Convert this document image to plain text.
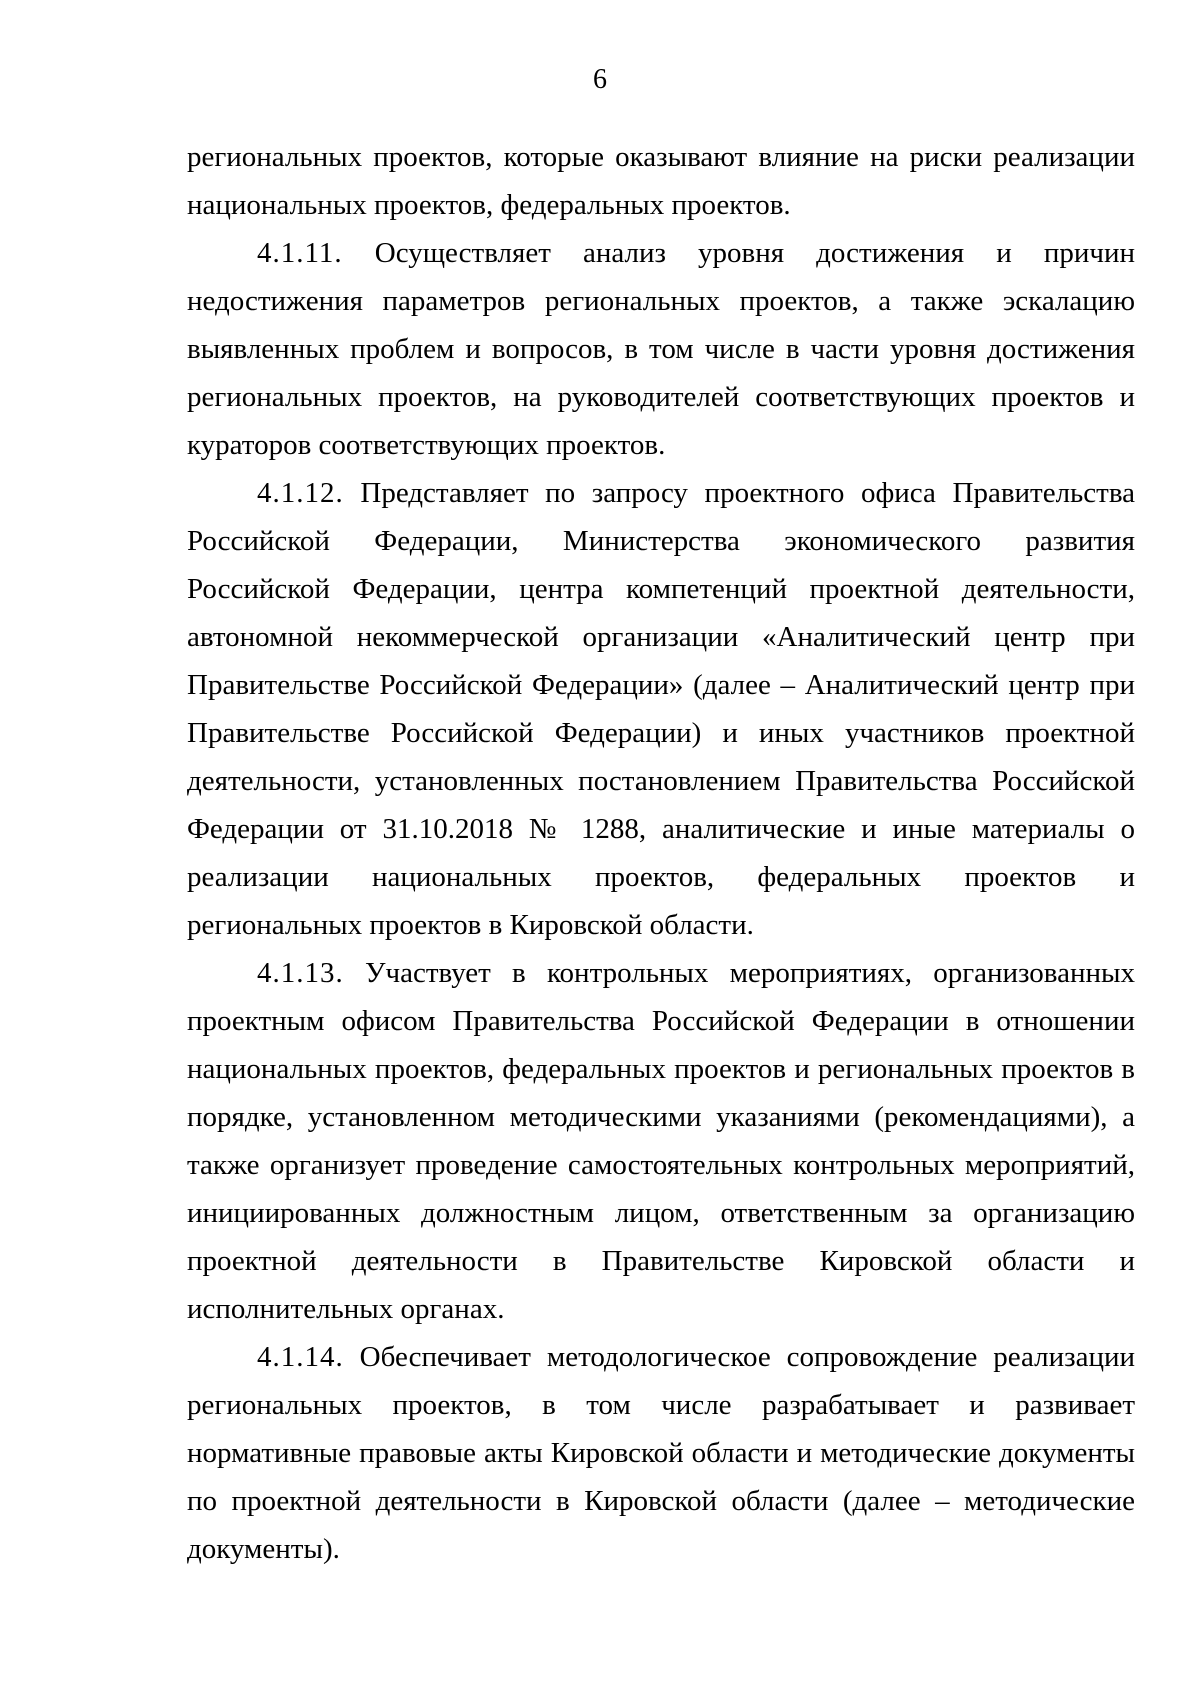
6

региональных проектов, которые оказывают влияние на риски реализации национальных проектов, федеральных проектов.

4.1.11. Осуществляет анализ уровня достижения и причин недостижения параметров региональных проектов, а также эскалацию выявленных проблем и вопросов, в том числе в части уровня достижения региональных проектов, на руководителей соответствующих проектов и кураторов соответствующих проектов.

4.1.12. Представляет по запросу проектного офиса Правительства Российской Федерации, Министерства экономического развития Российской Федерации, центра компетенций проектной деятельности, автономной некоммерческой организации «Аналитический центр при Правительстве Российской Федерации» (далее – Аналитический центр при Правительстве Российской Федерации) и иных участников проектной деятельности, установленных постановлением Правительства Российской Федерации от 31.10.2018 № 1288, аналитические и иные материалы о реализации национальных проектов, федеральных проектов и региональных проектов в Кировской области.

4.1.13. Участвует в контрольных мероприятиях, организованных проектным офисом Правительства Российской Федерации в отношении национальных проектов, федеральных проектов и региональных проектов в порядке, установленном методическими указаниями (рекомендациями), а также организует проведение самостоятельных контрольных мероприятий, инициированных должностным лицом, ответственным за организацию проектной деятельности в Правительстве Кировской области и исполнительных органах.

4.1.14. Обеспечивает методологическое сопровождение реализации региональных проектов, в том числе разрабатывает и развивает нормативные правовые акты Кировской области и методические документы по проектной деятельности в Кировской области (далее – методические документы).
